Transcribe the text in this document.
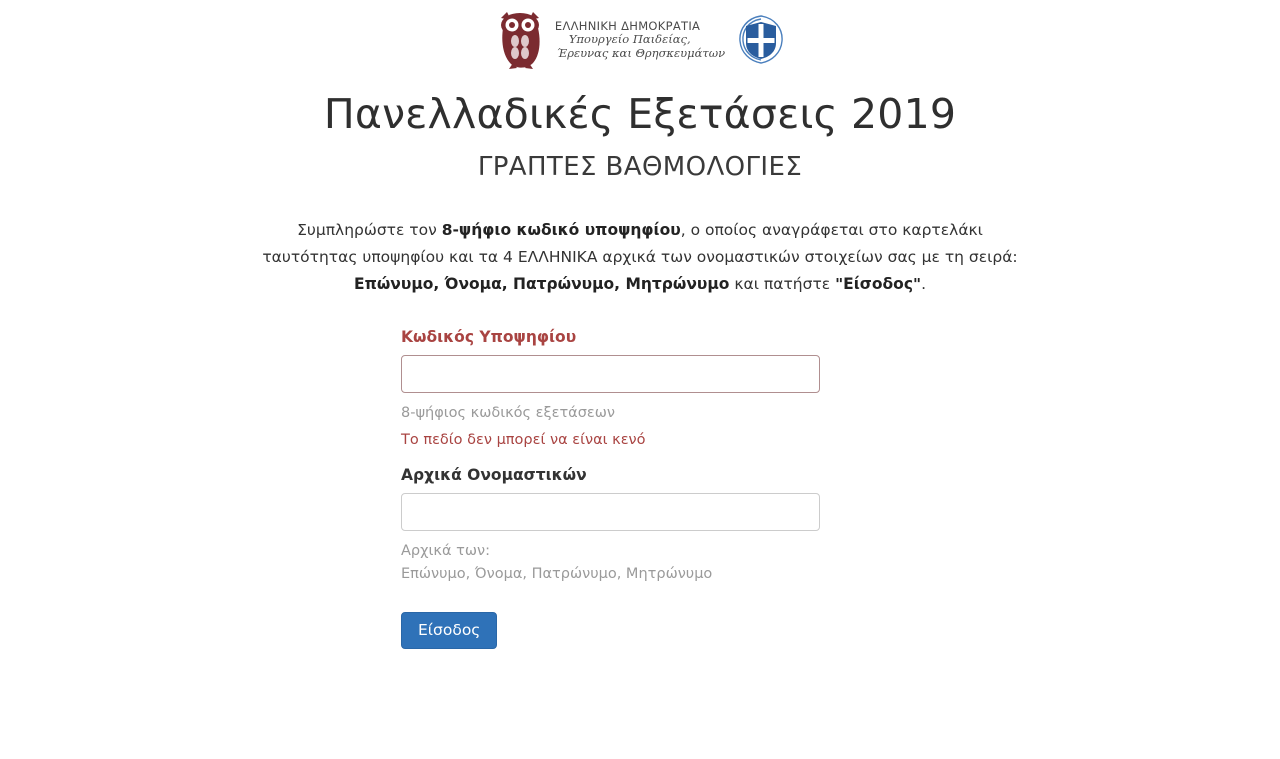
ΕΛΛΗΝΙΚΗ ΔΗΜΟΚΡΑΤΙΑ
Υπουργείο Παιδείας,
Έρευνας και Θρησκευμάτων
Πανελλαδικές Εξετάσεις 2019
ΓΡΑΠΤΕΣ ΒΑΘΜΟΛΟΓΙΕΣ
Συμπληρώστε τον 8-ψήφιο κωδικό υποψηφίου, ο οποίος αναγράφεται στο καρτελάκι
ταυτότητας υποψηφίου και τα 4 ΕΛΛΗΝΙΚΑ αρχικά των ονομαστικών στοιχείων σας με τη σειρά:
Επώνυμο, Όνομα, Πατρώνυμο, Μητρώνυμο και πατήστε "Είσοδος".
Κωδικός Υποψηφίου
8-ψήφιος κωδικός εξετάσεων
Το πεδίο δεν μπορεί να είναι κενό
Αρχικά Ονομαστικών
Αρχικά των:
Επώνυμο, Όνομα, Πατρώνυμο, Μητρώνυμο
Είσοδος
